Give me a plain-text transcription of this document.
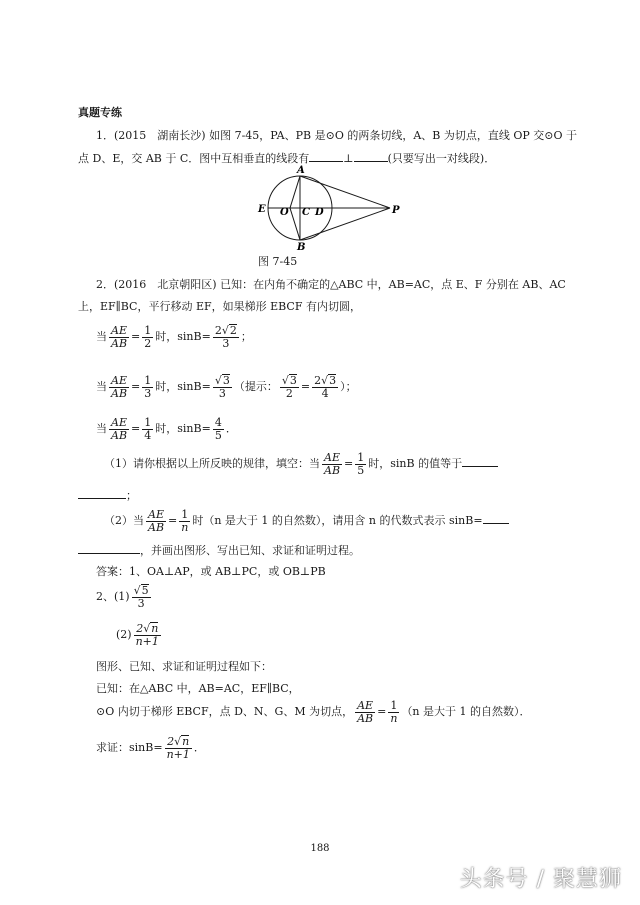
真题专练
1．(2015　湖南长沙) 如图 7-45，PA、PB 是⊙O 的两条切线，A、B 为切点，直线 OP 交⊙O 于
点 D、E，交 AB 于 C．图中互相垂直的线段有	⊥	(只要写出一对线段)．
A
B
E O C D	P
图 7-45
2．(2016　北京朝阳区) 已知：在内角不确定的△ABC 中，AB=AC，点 E、F 分别在 AB、AC
上，EF∥BC，平行移动 EF，如果梯形 EBCF 有内切圆，
当 $\frac{AE}{AB} = \frac{1}{2}$ 时，$\sin B= \frac{2√2}{3}$ ；
当 $\frac{AE}{AB} = \frac{1}{3}$ 时，$\sin B= \frac{√3}{3}$ （提示： $\frac{√3}{2} = \frac{2√3}{4}$ ）；
当 $\frac{AE}{AB} = \frac{1}{4}$ 时，$\sin B= \frac{4}{5}$ ．
（1）请你根据以上所反映的规律，填空：当 $\frac{AE}{AB} = \frac{1}{5}$ 时，sinB 的值等于
；
（2）当 $\frac{AE}{AB} = \frac{1}{n}$ 时（n 是大于 1 的自然数），请用含 n 的代数式表示 sinB=
，并画出图形、写出已知、求证和证明过程。
答案：1、OA⊥AP，或 AB⊥PC，或 OB⊥PB
2、$(1) \frac{√5}{3}$
$(2) \frac{2√n}{n+1}$
图形、已知、求证和证明过程如下：
已知：在△ABC 中，AB=AC，EF∥BC，
⊙O 内切于梯形 EBCF，点 D、N、G、M 为切点， $\frac{AE}{AB} = \frac{1}{n} (n$ 是大于 1 的自然数）．
求证：$\sin B= \frac{2√n}{n+1}$ ．
188
头条号 / 聚慧狮
